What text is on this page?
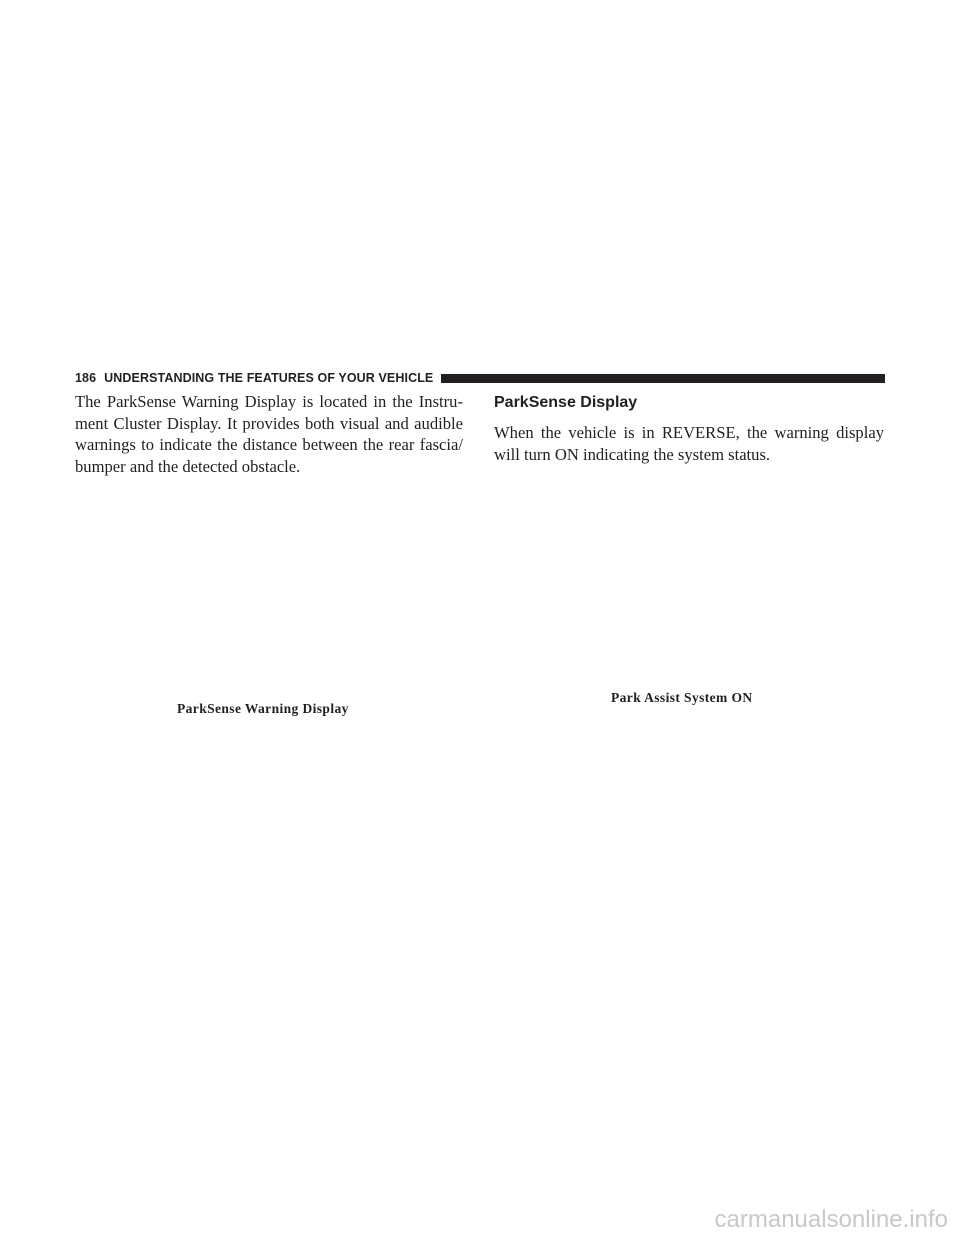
186 UNDERSTANDING THE FEATURES OF YOUR VEHICLE

The ParkSense Warning Display is located in the Instru-ment Cluster Display. It provides both visual and audible warnings to indicate the distance between the rear fascia/ bumper and the detected obstacle.

ParkSense Display

When the vehicle is in REVERSE, the warning display will turn ON indicating the system status.

ParkSense Warning Display
Park Assist System ON
carmanualsonline.info
